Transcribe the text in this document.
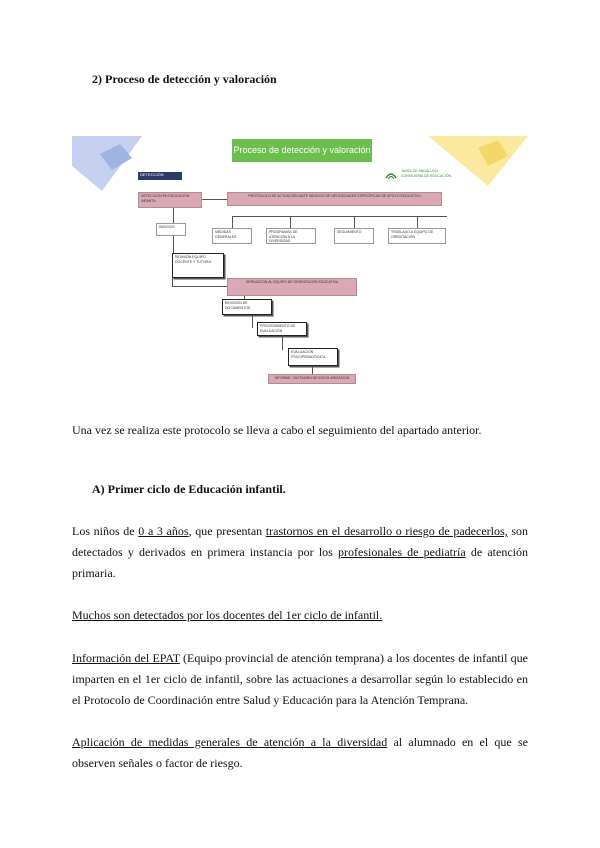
2) Proceso de detección y valoración
Proceso de detección y valoración
DETECCIÓN
JUNTA DE ANDALUCÍA · CONSEJERÍA DE EDUCACIÓN
DETECCIÓN EN EDUCACIÓN INFANTIL
PROTOCOLO DE ACTUACIÓN ANTE INDICIOS DE NECESIDADES ESPECÍFICAS DE APOYO EDUCATIVO
INDICIOS
REUNIÓN EQUIPO DOCENTE Y TUTOR/A
MEDIDAS GENERALES
PROGRAMAS DE ATENCIÓN A LA DIVERSIDAD
SEGUIMIENTO	TRASLADO A EQUIPO DE ORIENTACIÓN
DERIVACIÓN AL EQUIPO DE ORIENTACIÓN EDUCATIVA
REVISIÓN DE DOCUMENTOS
PROCEDIMIENTO DE EVALUACIÓN
EVALUACIÓN PSICOPEDAGÓGICA
INFORME / DICTAMEN DE ESCOLARIZACIÓN
Una vez se realiza este protocolo se lleva a cabo el seguimiento del apartado anterior.
A) Primer ciclo de Educación infantil.
Los niños de 0 a 3 años, que presentan trastornos en el desarrollo o riesgo de padecerlos, son detectados y derivados en primera instancia por los profesionales de pediatría de atención primaria.
Muchos son detectados por los docentes del 1er ciclo de infantil.
Información del EPAT (Equipo provincial de atención temprana) a los docentes de infantil que imparten en el 1er ciclo de infantil, sobre las actuaciones a desarrollar según lo establecido en el Protocolo de Coordinación entre Salud y Educación para la Atención Temprana.
Aplicación de medidas generales de atención a la diversidad al alumnado en el que se observen señales o factor de riesgo.
